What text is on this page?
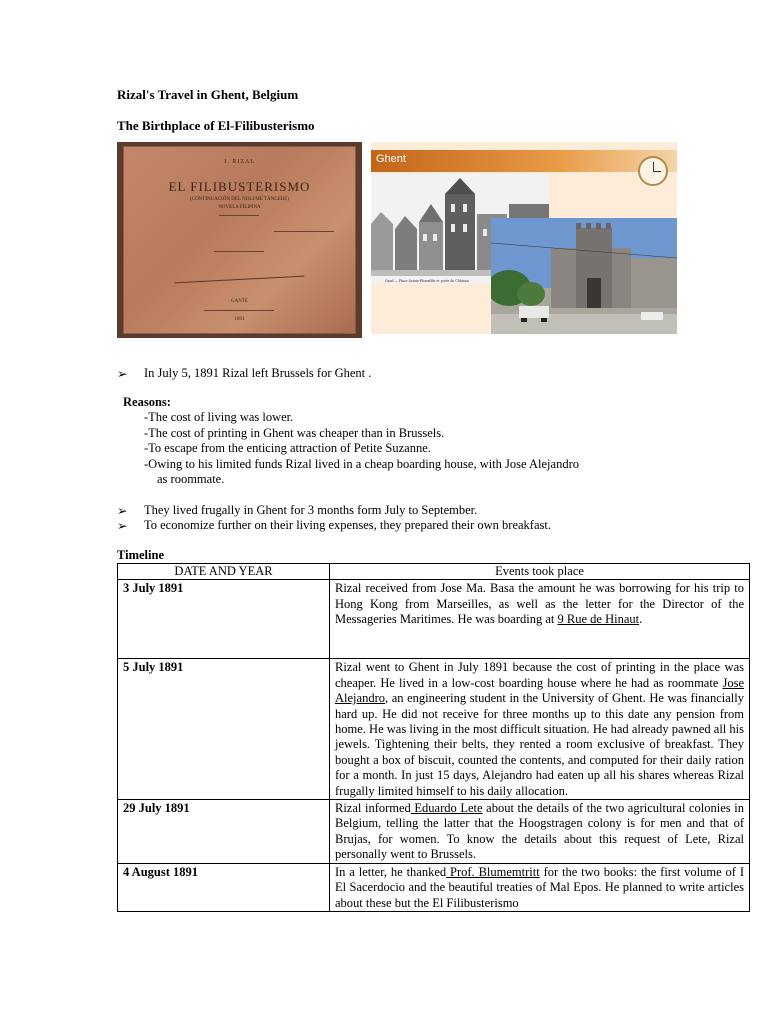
Rizal's Travel in Ghent, Belgium
The Birthplace of El-Filibusterismo
J. RIZAL
EL FILIBUSTERISMO
(CONTINUACIÓN DEL NOLI ME TÁNGERE)
NOVELA FILIPINA
GANTE
1891
Ghent
Gand — Place Sainte-Pharaïlde et porte du Château
➢ In July 5, 1891 Rizal left Brussels for Ghent .
Reasons:
-The cost of living was lower.
-The cost of printing in Ghent was cheaper than in Brussels.
-To escape from the enticing attraction of Petite Suzanne.
-Owing to his limited funds Rizal lived in a cheap boarding house, with Jose Alejandro
as roommate.
➢ They lived frugally in Ghent for 3 months form July to September.
➢ To economize further on their living expenses, they prepared their own breakfast.
Timeline
DATE AND YEAR	Events took place
3 July 1891	Rizal received from Jose Ma. Basa the amount he was borrowing for his trip to Hong Kong from Marseilles, as well as the letter for the Director of the Messageries Maritimes. He was boarding at 9 Rue de Hinaut.
5 July 1891	Rizal went to Ghent in July 1891 because the cost of printing in the place was cheaper. He lived in a low-cost boarding house where he had as roommate Jose Alejandro, an engineering student in the University of Ghent. He was financially hard up. He did not receive for three months up to this date any pension from home. He was living in the most difficult situation. He had already pawned all his jewels. Tightening their belts, they rented a room exclusive of breakfast. They bought a box of biscuit, counted the contents, and computed for their daily ration for a month. In just 15 days, Alejandro had eaten up all his shares whereas Rizal frugally limited himself to his daily allocation.
29 July 1891	Rizal informed Eduardo Lete about the details of the two agricultural colonies in Belgium, telling the latter that the Hoogstragen colony is for men and that of Brujas, for women. To know the details about this request of Lete, Rizal personally went to Brussels.
4 August 1891	In a letter, he thanked Prof. Blumemtritt for the two books: the first volume of I El Sacerdocio and the beautiful treaties of Mal Epos. He planned to write articles about these but the El Filibusterismo
